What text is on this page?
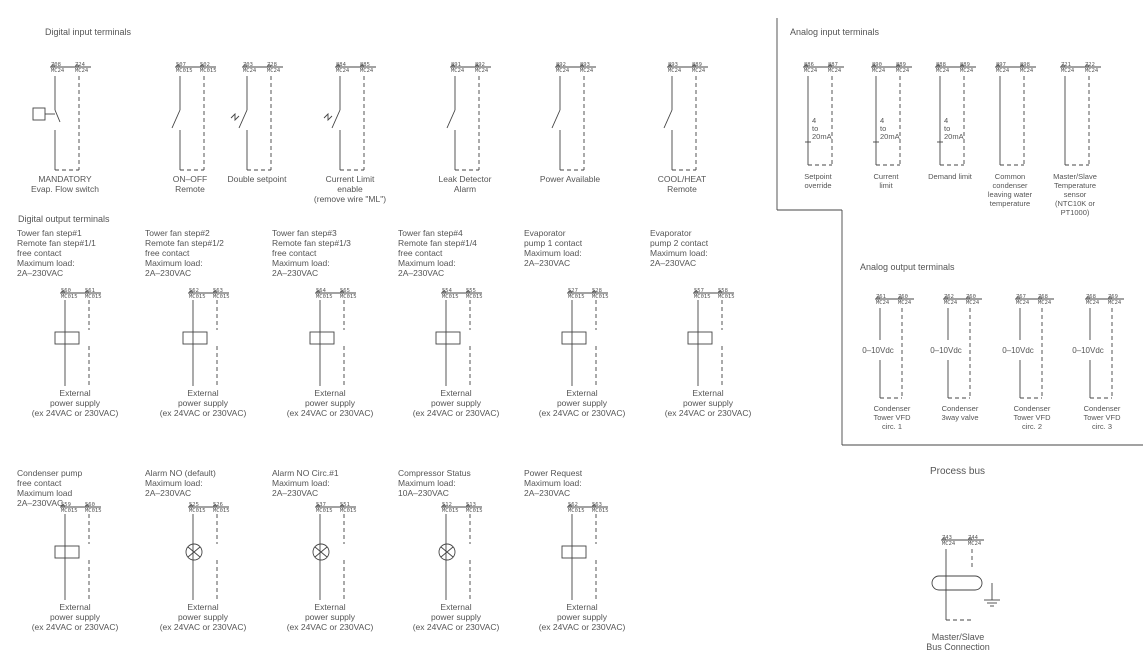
Digital input terminals
Digital output terminals
Analog input terminals
Analog output terminals
Process bus
708	724
MC24 MC24
MANDATORY
Evap. Flow switch
507	502
MC015 MC015
ON–OFF
Remote
703	728
MC24 MC24
Double setpoint
884	885
MC24 MC24
Current Limit
enable
(remove wire "ML")
891	892
MC24 MC24
Leak Detector
Alarm
892	893
MC24 MC24
Power Available
893	889
MC24 MC24
COOL/HEAT
Remote
886	887
MC24 MC24
4
to
20mA
Setpoint
override
890	889
MC24 MC24
4
to
20mA
Current
limit
888	889
MC24 MC24
4
to
20mA
Demand limit
897	898
MC24 MC24
Common
condenser
leaving water
temperature
721	722
MC24 MC24
Master/Slave
Temperature
sensor
(NTC10K or
PT1000)
Tower fan step#1
Remote fan step#1/1
free contact
Maximum load:
2A–230VAC
560	561
MC015 MC015
External
power supply
(ex 24VAC or 230VAC)
Tower fan step#2
Remote fan step#1/2
free contact
Maximum load:
2A–230VAC
562	563
MC015 MC015
External
power supply
(ex 24VAC or 230VAC)
Tower fan step#3
Remote fan step#1/3
free contact
Maximum load:
2A–230VAC
564	565
MC015 MC015
External
power supply
(ex 24VAC or 230VAC)
Tower fan step#4
Remote fan step#1/4
free contact
Maximum load:
2A–230VAC
554	555
MC015 MC015
External
power supply
(ex 24VAC or 230VAC)
Evaporator
pump 1 contact
Maximum load:
2A–230VAC
527	528
MC015 MC015
External
power supply
(ex 24VAC or 230VAC)
Evaporator
pump 2 contact
Maximum load:
2A–230VAC
557	558
MC015 MC015
External
power supply
(ex 24VAC or 230VAC)
Condenser pump
free contact
Maximum load
2A–230VAC
559	560
MC015 MC015
External
power supply
(ex 24VAC or 230VAC)
Alarm NO (default)
Maximum load:
2A–230VAC
525	526
MC015 MC015
External
power supply
(ex 24VAC or 230VAC)
Alarm NO Circ.#1
Maximum load:
2A–230VAC
537	551
MC015 MC015
External
power supply
(ex 24VAC or 230VAC)
Compressor Status
Maximum load:
10A–230VAC
512	513
MC015 MC015
External
power supply
(ex 24VAC or 230VAC)
Power Request
Maximum load:
2A–230VAC
562	563
MC015 MC015
External
power supply
(ex 24VAC or 230VAC)
761 760
MC24 MC24
0–10Vdc
Condenser
Tower VFD
circ. 1
762 760
MC24 MC24
0–10Vdc
Condenser
3way valve
767 768
MC24 MC24
0–10Vdc
Condenser
Tower VFD
circ. 2
768 769
MC24 MC24
0–10Vdc
Condenser
Tower VFD
circ. 3
743	744
MC24 MC24
Master/Slave
Bus Connection
